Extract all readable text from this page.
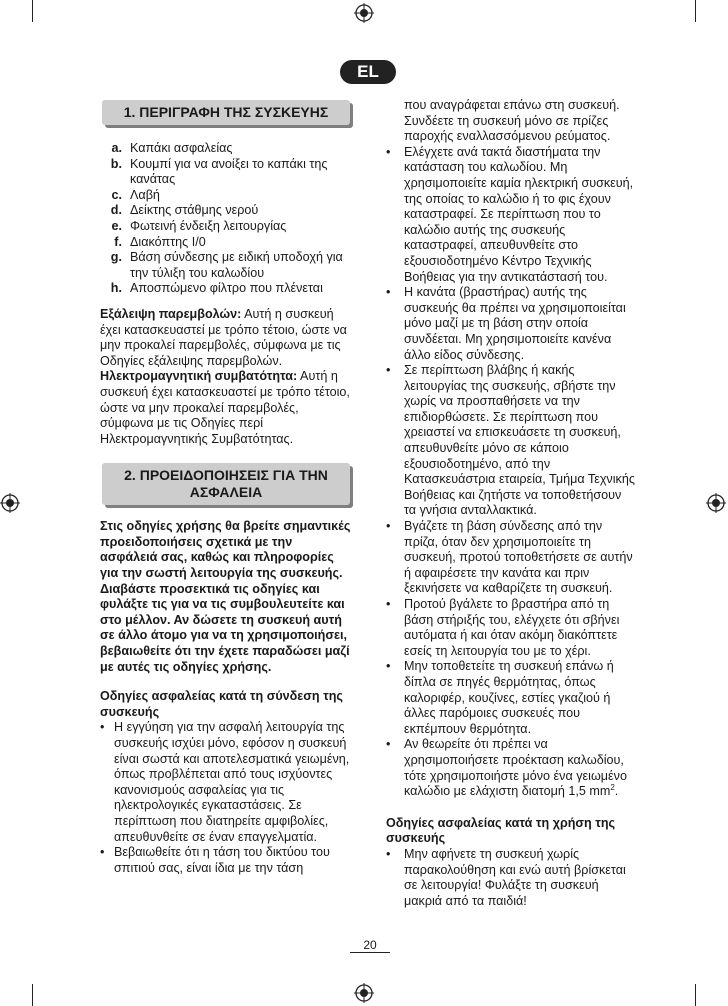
EL
1. ΠΕΡΙΓΡΑΦΗ ΤΗΣ ΣΥΣΚΕΥΗΣ
a. Καπάκι ασφαλείας
b. Κουμπί για να ανοίξει το καπάκι της κανάτας
c. Λαβή
d. Δείκτης στάθμης νερού
e. Φωτεινή ένδειξη λειτουργίας
f. Διακόπτης I/0
g. Βάση σύνδεσης με ειδική υποδοχή για την τύλιξη του καλωδίου
h. Αποσπώμενο φίλτρο που πλένεται

Εξάλειψη παρεμβολών: Αυτή η συσκευή έχει κατασκευαστεί με τρόπο τέτοιο, ώστε να μην προκαλεί παρεμβολές, σύμφωνα με τις Οδηγίες εξάλειψης παρεμβολών.

Ηλεκτρομαγνητική συμβατότητα: Αυτή η συσκευή έχει κατασκευαστεί με τρόπο τέτοιο, ώστε να μην προκαλεί παρεμβολές, σύμφωνα με τις Οδηγίες περί Ηλεκτρομαγνητικής Συμβατότητας.

2. ΠΡΟΕΙΔΟΠΟΙΗΣΕΙΣ ΓΙΑ ΤΗΝ ΑΣΦΑΛΕΙΑ

Στις οδηγίες χρήσης θα βρείτε σημαντικές προειδοποιήσεις σχετικά με την ασφάλειά σας, καθώς και πληροφορίες για την σωστή λειτουργία της συσκευής. Διαβάστε προσεκτικά τις οδηγίες και φυλάξτε τις για να τις συμβουλευτείτε και στο μέλλον. Αν δώσετε τη συσκευή αυτή σε άλλο άτομο για να τη χρησιμοποιήσει, βεβαιωθείτε ότι την έχετε παραδώσει μαζί με αυτές τις οδηγίες χρήσης.

Οδηγίες ασφαλείας κατά τη σύνδεση της συσκευής

• Η εγγύηση για την ασφαλή λειτουργία της συσκευής ισχύει μόνο, εφόσον η συσκευή είναι σωστά και αποτελεσματικά γειωμένη, όπως προβλέπεται από τους ισχύοντες κανονισμούς ασφαλείας για τις ηλεκτρολογικές εγκαταστάσεις. Σε περίπτωση που διατηρείτε αμφιβολίες, απευθυνθείτε σε έναν επαγγελματία.
• Βεβαιωθείτε ότι η τάση του δικτύου του σπιτιού σας, είναι ίδια με την τάση

που αναγράφεται επάνω στη συσκευή. Συνδέετε τη συσκευή μόνο σε πρίζες παροχής εναλλασσόμενου ρεύματος.

•	Ελέγχετε ανά τακτά διαστήματα την κατάσταση του καλωδίου. Μη χρησιμοποιείτε καμία ηλεκτρική συσκευή, της οποίας το καλώδιο ή το φις έχουν καταστραφεί. Σε περίπτωση που το καλώδιο αυτής της συσκευής καταστραφεί, απευθυνθείτε στο εξουσιοδοτημένο Κέντρο Τεχνικής Βοήθειας για την αντικατάστασή του.
•	Η κανάτα (βραστήρας) αυτής της συσκευής θα πρέπει να χρησιμοποιείται μόνο μαζί με τη βάση στην οποία συνδέεται. Μη χρησιμοποιείτε κανένα άλλο είδος σύνδεσης.
•	Σε περίπτωση βλάβης ή κακής λειτουργίας της συσκευής, σβήστε την χωρίς να προσπαθήσετε να την επιδιορθώσετε. Σε περίπτωση που χρειαστεί να επισκευάσετε τη συσκευή, απευθυνθείτε μόνο σε κάποιο εξουσιοδοτημένο, από την Κατασκευάστρια εταιρεία, Τμήμα Τεχνικής Βοήθειας και ζητήστε να τοποθετήσουν τα γνήσια ανταλλακτικά.
•	Βγάζετε τη βάση σύνδεσης από την πρίζα, όταν δεν χρησιμοποιείτε τη συσκευή, προτού τοποθετήσετε σε αυτήν ή αφαιρέσετε την κανάτα και πριν ξεκινήσετε να καθαρίζετε τη συσκευή.
•	Προτού βγάλετε το βραστήρα από τη βάση στήριξής του, ελέγχετε ότι σβήνει αυτόματα ή και όταν ακόμη διακόπτετε εσείς τη λειτουργία του με το χέρι.
•	Μην τοποθετείτε τη συσκευή επάνω ή δίπλα σε πηγές θερμότητας, όπως καλοριφέρ, κουζίνες, εστίες γκαζιού ή άλλες παρόμοιες συσκευές που εκπέμπουν θερμότητα.
•	Αν θεωρείτε ότι πρέπει να χρησιμοποιήσετε προέκταση καλωδίου, τότε χρησιμοποιήστε μόνο ένα γειωμένο καλώδιο με ελάχιστη διατομή 1,5 $mm^2$.

Οδηγίες ασφαλείας κατά τη χρήση της συσκευής

•	Μην αφήνετε τη συσκευή χωρίς παρακολούθηση και ενώ αυτή βρίσκεται σε λειτουργία! Φυλάξτε τη συσκευή μακριά από τα παιδιά!
20
